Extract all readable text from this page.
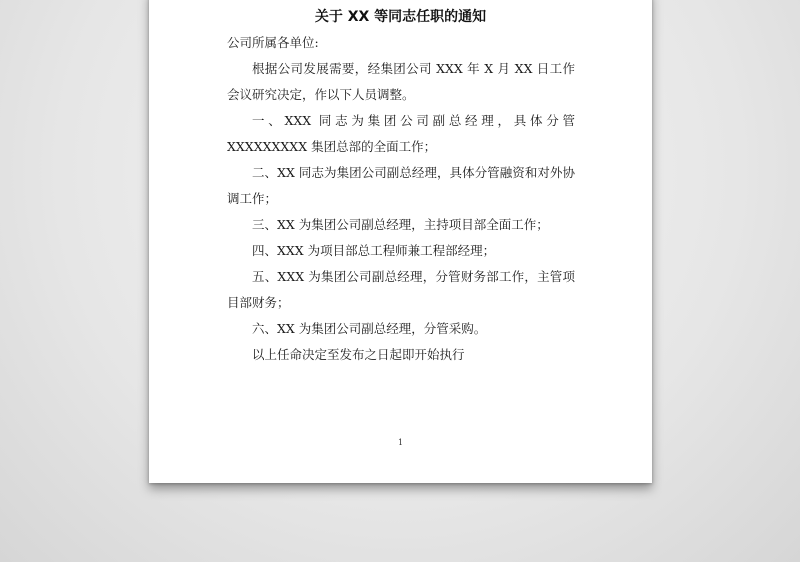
关于 XX 等同志任职的通知

公司所属各单位:

根据公司发展需要，经集团公司 XXX 年 X 月 XX 日工作会议研究决定，作以下人员调整。

一、XXX 同志为集团公司副总经理，具体分管 XXXXXXXXX 集团总部的全面工作；

二、XX 同志为集团公司副总经理，具体分管融资和对外协调工作；

三、XX 为集团公司副总经理，主持项目部全面工作；

四、XXX 为项目部总工程师兼工程部经理；

五、XXX 为集团公司副总经理，分管财务部工作，主管项目部财务；

六、XX 为集团公司副总经理，分管采购。

以上任命决定至发布之日起即开始执行

1
